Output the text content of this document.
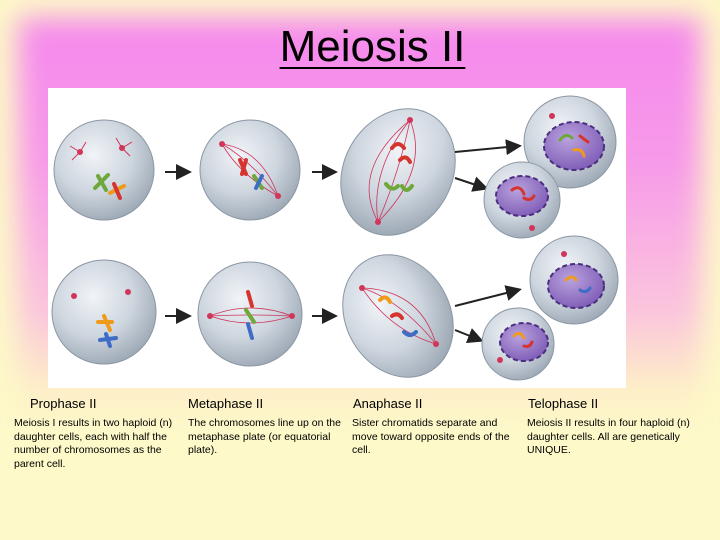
Meiosis II
Prophase II	Metaphase II	Anaphase II	Telophase II
Meiosis I results in two haploid (n) daughter cells, each with half the number of chromosomes as the parent cell.
The chromosomes line up on the metaphase plate (or equatorial plate).
Sister chromatids separate and move toward opposite ends of the cell.
Meiosis II results in four haploid (n) daughter cells. All are genetically UNIQUE.
